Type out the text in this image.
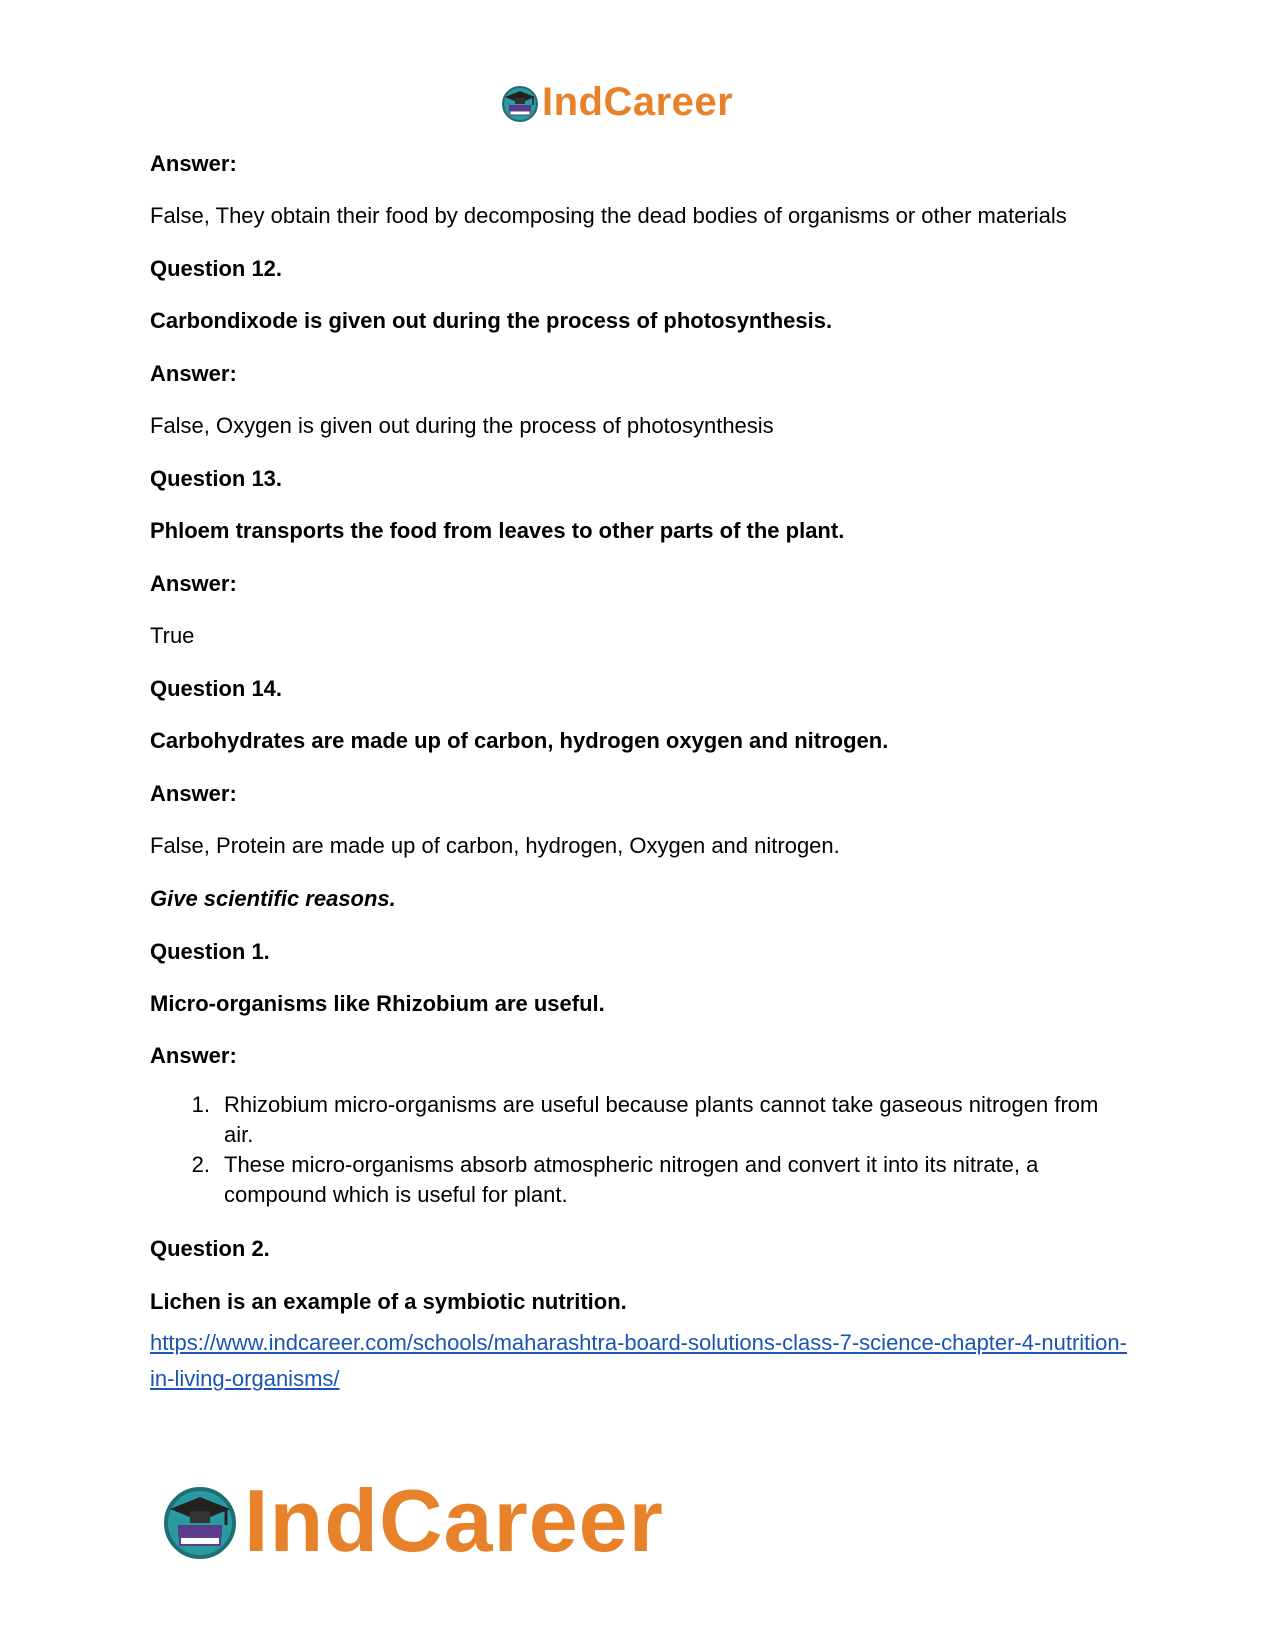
IndCareer
Answer:
False, They obtain their food by decomposing the dead bodies of organisms or other materials
Question 12.
Carbondixode is given out during the process of photosynthesis.
Answer:
False, Oxygen is given out during the process of photosynthesis
Question 13.
Phloem transports the food from leaves to other parts of the plant.
Answer:
True
Question 14.
Carbohydrates are made up of carbon, hydrogen oxygen and nitrogen.
Answer:
False, Protein are made up of carbon, hydrogen, Oxygen and nitrogen.
Give scientific reasons.
Question 1.
Micro-organisms like Rhizobium are useful.
Answer:
1. Rhizobium micro-organisms are useful because plants cannot take gaseous nitrogen from air.
2. These micro-organisms absorb atmospheric nitrogen and convert it into its nitrate, a compound which is useful for plant.
Question 2.
Lichen is an example of a symbiotic nutrition.
https://www.indcareer.com/schools/maharashtra-board-solutions-class-7-science-chapter-4-nutrition-in-living-organisms/
IndCareer
